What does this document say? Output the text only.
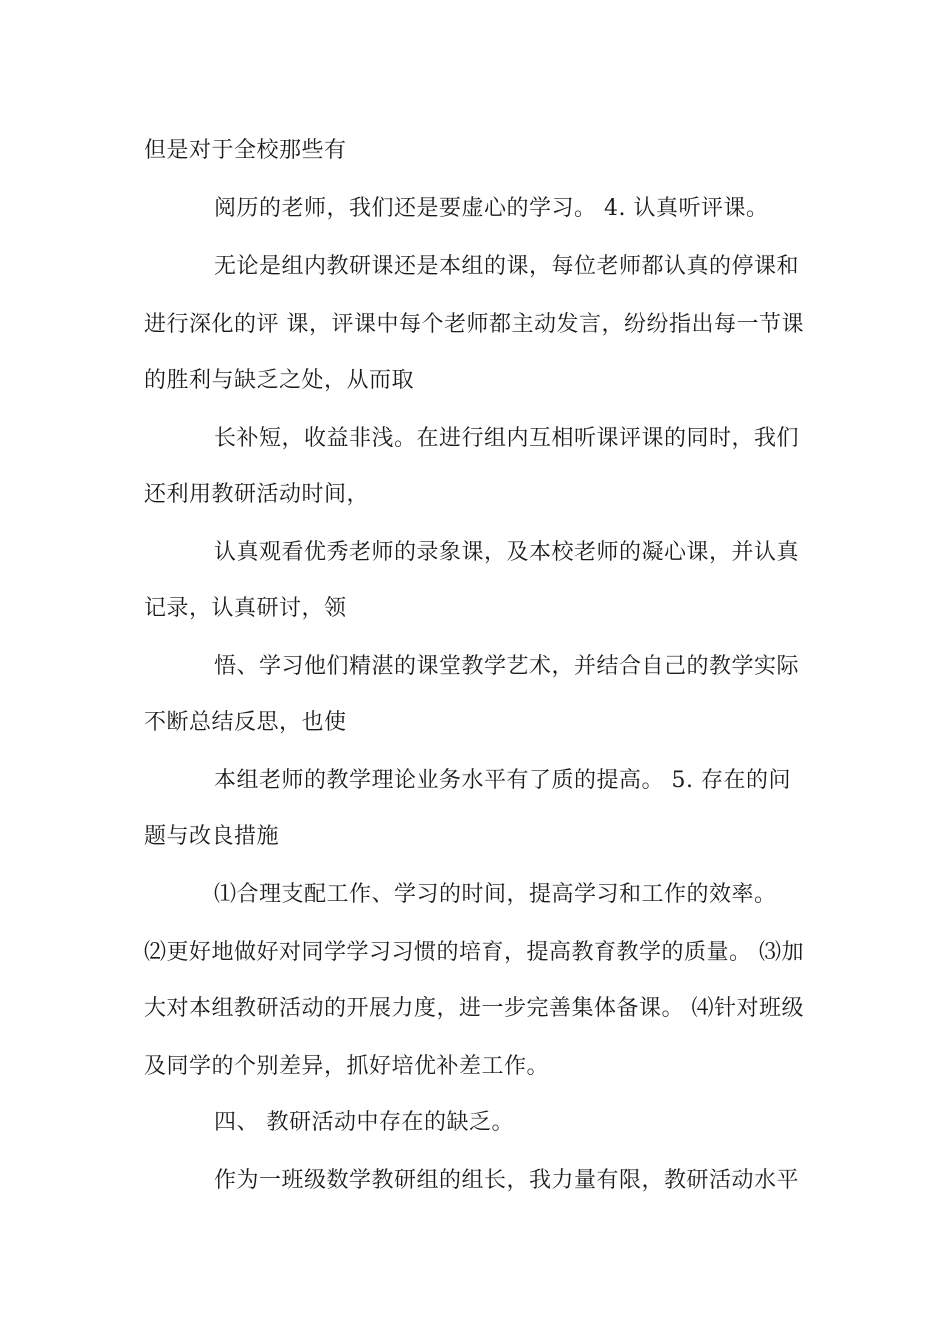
但是对于全校那些有
阅历的老师，我们还是要虚心的学习。 4. 认真听评课。
无论是组内教研课还是本组的课，每位老师都认真的停课和
进行深化的评 课，评课中每个老师都主动发言，纷纷指出每一节课
的胜利与缺乏之处，从而取
长补短，收益非浅。在进行组内互相听课评课的同时，我们
还利用教研活动时间，
认真观看优秀老师的录象课，及本校老师的凝心课，并认真
记录，认真研讨，领
悟、学习他们精湛的课堂教学艺术，并结合自己的教学实际
不断总结反思，也使
本组老师的教学理论业务水平有了质的提高。 5. 存在的问
题与改良措施
⑴合理支配工作、学习的时间，提高学习和工作的效率。
⑵更好地做好对同学学习习惯的培育，提高教育教学的质量。 ⑶加
大对本组教研活动的开展力度，进一步完善集体备课。 ⑷针对班级
及同学的个别差异，抓好培优补差工作。
四、 教研活动中存在的缺乏。
作为一班级数学教研组的组长，我力量有限，教研活动水平
